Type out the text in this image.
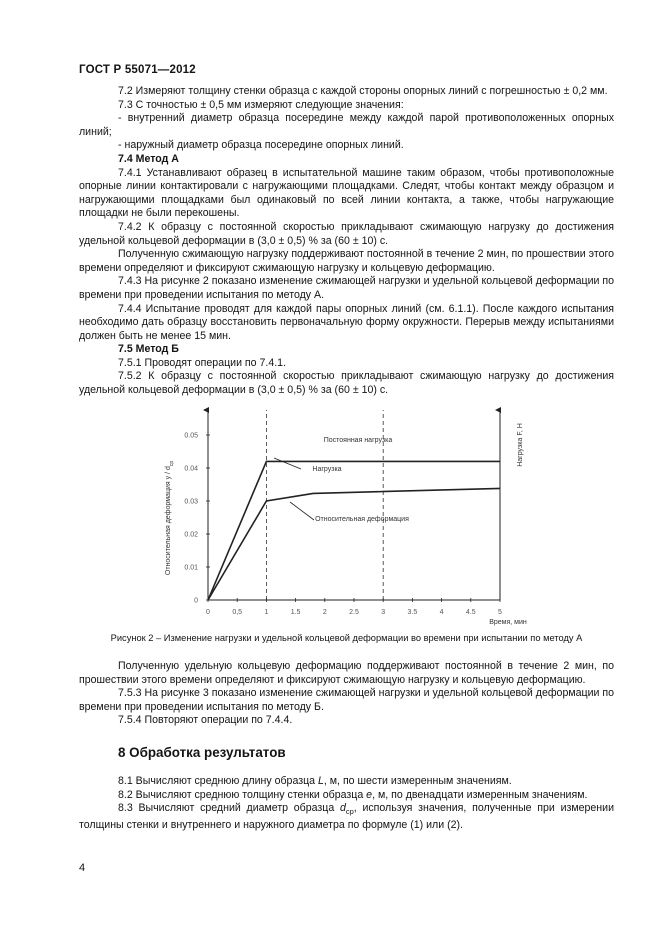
ГОСТ Р 55071—2012

7.2 Измеряют толщину стенки образца с каждой стороны опорных линий с погрешностью ± 0,2 мм.

7.3 С точностью ± 0,5 мм измеряют следующие значения:

- внутренний диаметр образца посередине между каждой парой противоположенных опорных линий;

- наружный диаметр образца посередине опорных линий.

7.4 Метод А

7.4.1 Устанавливают образец в испытательной машине таким образом, чтобы противоположные опорные линии контактировали с нагружающими площадками. Следят, чтобы контакт между образцом и нагружающими площадками был одинаковый по всей линии контакта, а также, чтобы нагружающие площадки не были перекошены.

7.4.2 К образцу с постоянной скоростью прикладывают сжимающую нагрузку до достижения удельной кольцевой деформации в (3,0 ± 0,5) % за (60 ± 10) с.

Полученную сжимающую нагрузку поддерживают постоянной в течение 2 мин, по прошествии этого времени определяют и фиксируют сжимающую нагрузку и кольцевую деформацию.

7.4.3 На рисунке 2 показано изменение сжимающей нагрузки и удельной кольцевой деформации по времени при проведении испытания по методу А.

7.4.4 Испытание проводят для каждой пары опорных линий (см. 6.1.1). После каждого испытания необходимо дать образцу восстановить первоначальную форму окружности. Перерыв между испытаниями должен быть не менее 15 мин.

7.5 Метод Б

7.5.1 Проводят операции по 7.4.1.

7.5.2 К образцу с постоянной скоростью прикладывают сжимающую нагрузку до достижения удельной кольцевой деформации в (3,0 ± 0,5) % за (60 ± 10) с.

0	0,5	1	1.5	2	2.5	3	3.5	4	4.5	5
0
0.01
0.02
0.03
0.04
0.05
Относительная деформация y / $d_{ср}$	Нагрузка F, Н
Время, мин
Постоянная нагрузка
Нагрузка
Относительная деформация
Рисунок 2 – Изменение нагрузки и удельной кольцевой деформации во времени при испытании по методу А

Полученную удельную кольцевую деформацию поддерживают постоянной в течение 2 мин, по прошествии этого времени определяют и фиксируют сжимающую нагрузку и кольцевую деформацию.

7.5.3 На рисунке 3 показано изменение сжимающей нагрузки и удельной кольцевой деформации по времени при проведении испытания по методу Б.

7.5.4 Повторяют операции по 7.4.4.

8 Обработка результатов

8.1 Вычисляют среднюю длину образца L, м, по шести измеренным значениям.

8.2 Вычисляют среднюю толщину стенки образца e, м, по двенадцати измеренным значениям.

8.3 Вычисляют средний диаметр образца $d_{ср}$, используя значения, полученные при измерении толщины стенки и внутреннего и наружного диаметра по формуле (1) или (2).

4
